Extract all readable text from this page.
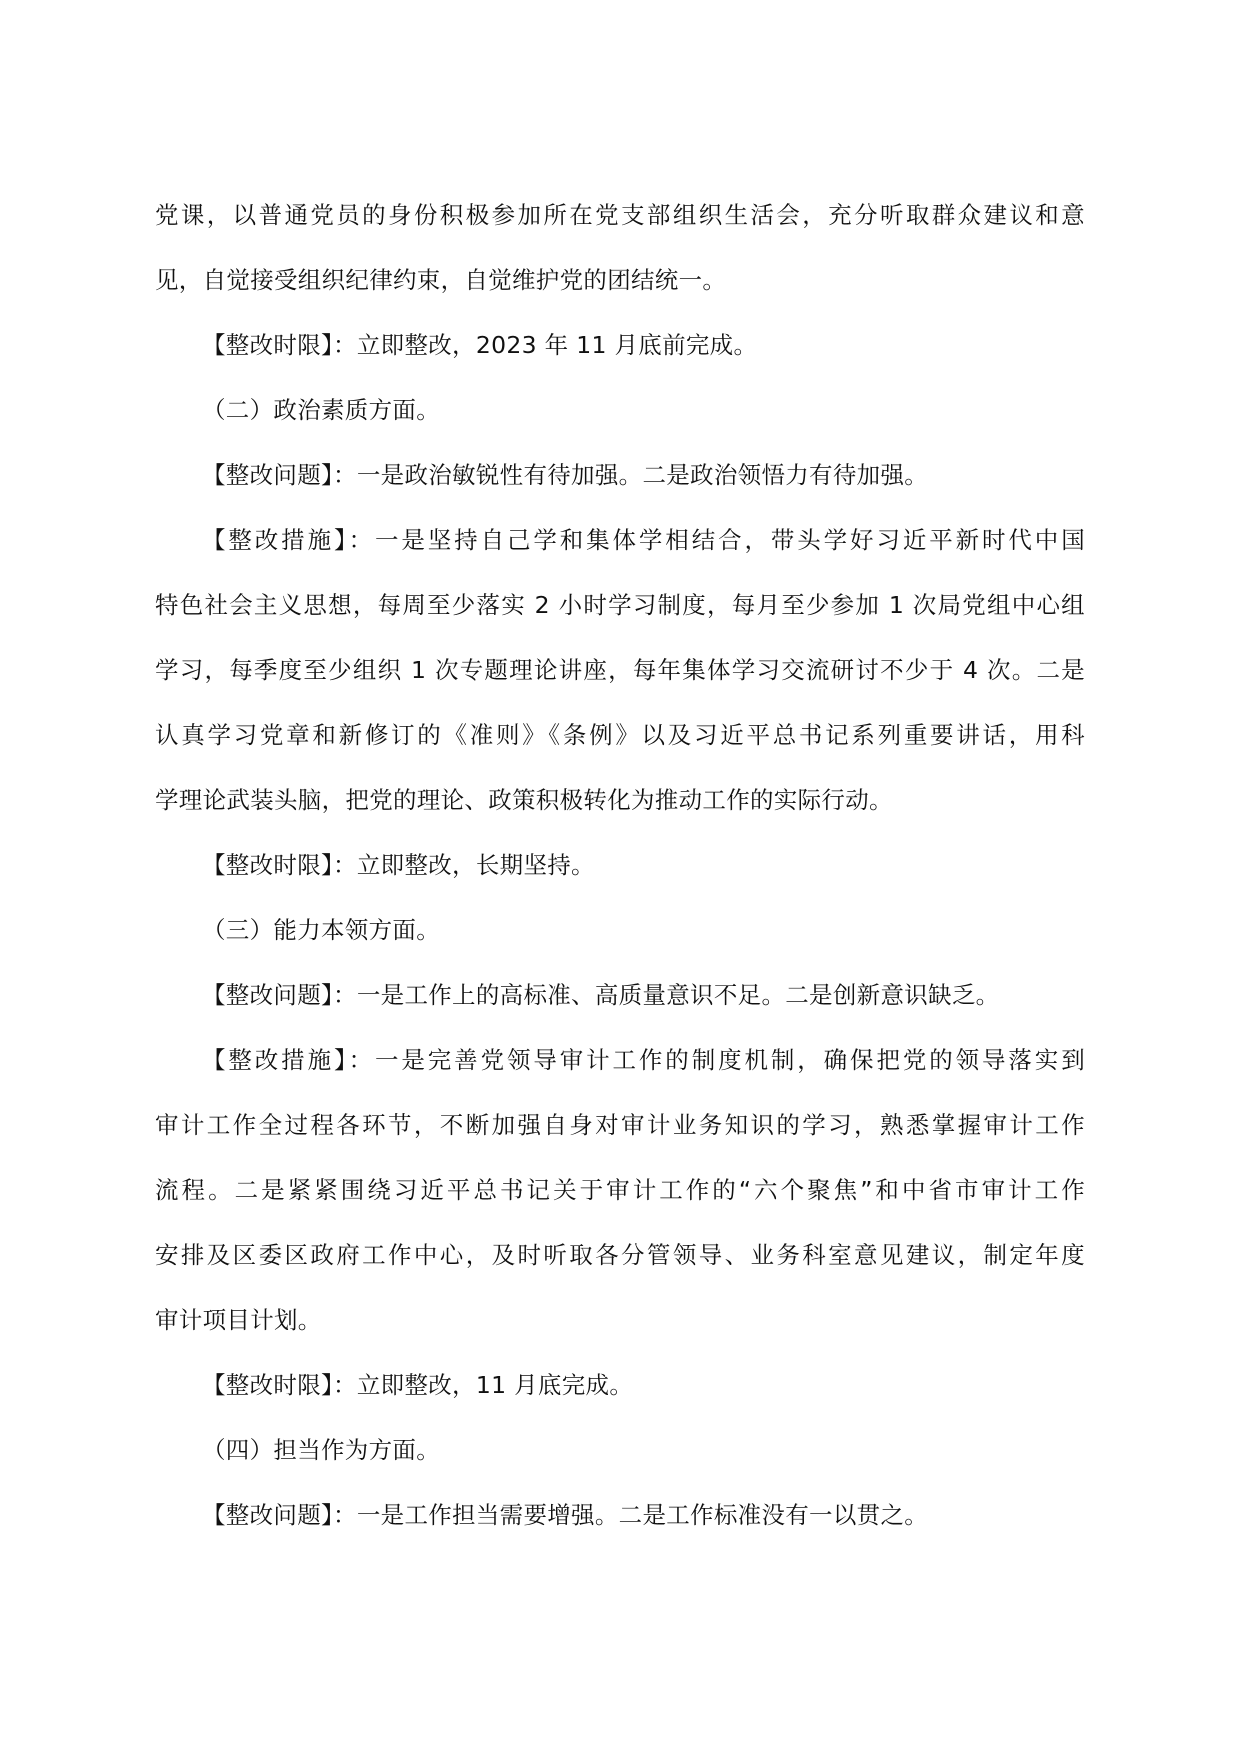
党课，以普通党员的身份积极参加所在党支部组织生活会，充分听取群众建议和意
见，自觉接受组织纪律约束，自觉维护党的团结统一。

【整改时限】：立即整改，2023 年 11 月底前完成。

（二）政治素质方面。

【整改问题】：一是政治敏锐性有待加强。二是政治领悟力有待加强。

【整改措施】：一是坚持自己学和集体学相结合，带头学好习近平新时代中国
特色社会主义思想，每周至少落实 2 小时学习制度，每月至少参加 1 次局党组中心组
学习，每季度至少组织 1 次专题理论讲座，每年集体学习交流研讨不少于 4 次。二是
认真学习党章和新修订的《准则》《条例》以及习近平总书记系列重要讲话，用科
学理论武装头脑，把党的理论、政策积极转化为推动工作的实际行动。

【整改时限】：立即整改，长期坚持。

（三）能力本领方面。

【整改问题】：一是工作上的高标准、高质量意识不足。二是创新意识缺乏。

【整改措施】：一是完善党领导审计工作的制度机制，确保把党的领导落实到
审计工作全过程各环节，不断加强自身对审计业务知识的学习，熟悉掌握审计工作
流程。二是紧紧围绕习近平总书记关于审计工作的“六个聚焦”和中省市审计工作
安排及区委区政府工作中心，及时听取各分管领导、业务科室意见建议，制定年度
审计项目计划。

【整改时限】：立即整改，11 月底完成。

（四）担当作为方面。

【整改问题】：一是工作担当需要增强。二是工作标准没有一以贯之。
